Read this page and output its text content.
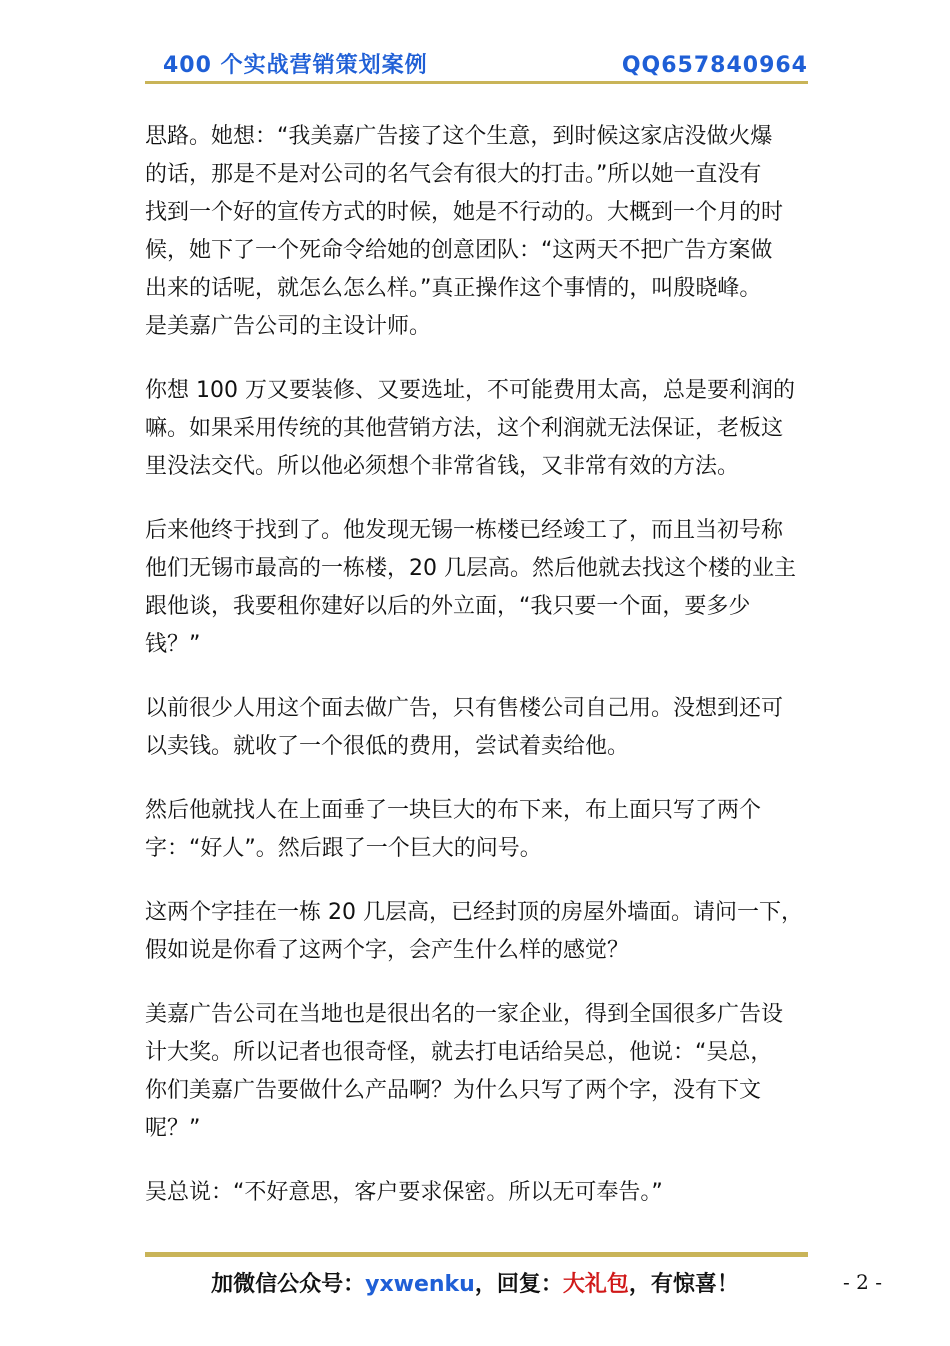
400 个实战营销策划案例	QQ657840964

思路。她想：“我美嘉广告接了这个生意，到时候这家店没做火爆
的话，那是不是对公司的名气会有很大的打击。”所以她一直没有
找到一个好的宣传方式的时候，她是不行动的。大概到一个月的时
候，她下了一个死命令给她的创意团队：“这两天不把广告方案做
出来的话呢，就怎么怎么样。”真正操作这个事情的，叫殷晓峰。
是美嘉广告公司的主设计师。

你想 100 万又要装修、又要选址，不可能费用太高，总是要利润的
嘛。如果采用传统的其他营销方法，这个利润就无法保证，老板这
里没法交代。所以他必须想个非常省钱，又非常有效的方法。

后来他终于找到了。他发现无锡一栋楼已经竣工了，而且当初号称
他们无锡市最高的一栋楼，20 几层高。然后他就去找这个楼的业主
跟他谈，我要租你建好以后的外立面，“我只要一个面，要多少
钱？”

以前很少人用这个面去做广告，只有售楼公司自己用。没想到还可
以卖钱。就收了一个很低的费用，尝试着卖给他。

然后他就找人在上面垂了一块巨大的布下来，布上面只写了两个
字：“好人”。然后跟了一个巨大的问号。

这两个字挂在一栋 20 几层高，已经封顶的房屋外墙面。请问一下，
假如说是你看了这两个字，会产生什么样的感觉？

美嘉广告公司在当地也是很出名的一家企业，得到全国很多广告设
计大奖。所以记者也很奇怪，就去打电话给吴总，他说：“吴总，
你们美嘉广告要做什么产品啊？为什么只写了两个字，没有下文
呢？”

吴总说：“不好意思，客户要求保密。所以无可奉告。”

加微信公众号：yxwenku，回复：大礼包，有惊喜！	- 2 -
